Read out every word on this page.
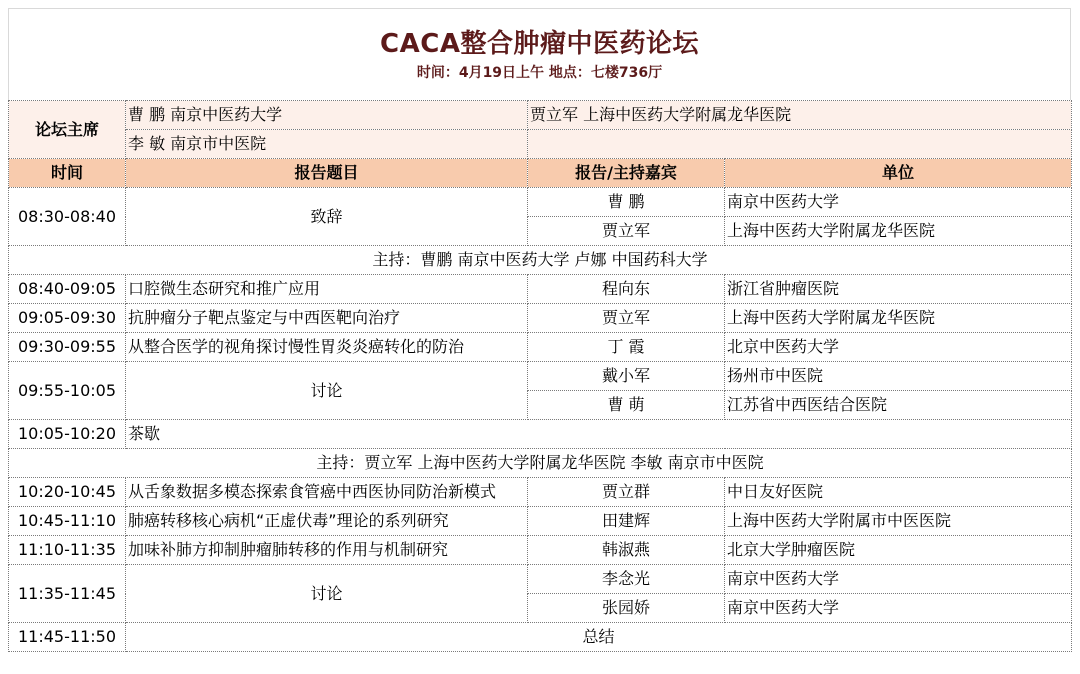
CACA整合肿瘤中医药论坛
时间：4月19日上午 地点：七楼736厅
论坛主席	曹 鹏 南京中医药大学	贾立军 上海中医药大学附属龙华医院	
	李 敏 南京市中医院		
时间	报告题目	报告/主持嘉宾	单位
08:30-08:40	致辞	曹 鹏	南京中医药大学
		贾立军	上海中医药大学附属龙华医院
主持：曹鹏 南京中医药大学 卢娜 中国药科大学			
08:40-09:05	口腔微生态研究和推广应用	程向东	浙江省肿瘤医院
09:05-09:30	抗肿瘤分子靶点鉴定与中西医靶向治疗	贾立军	上海中医药大学附属龙华医院
09:30-09:55	从整合医学的视角探讨慢性胃炎炎癌转化的防治	丁 霞	北京中医药大学
09:55-10:05	讨论	戴小军	扬州市中医院
		曹 萌	江苏省中西医结合医院
10:05-10:20	茶歇		
主持：贾立军 上海中医药大学附属龙华医院 李敏 南京市中医院			
10:20-10:45	从舌象数据多模态探索食管癌中西医协同防治新模式	贾立群	中日友好医院
10:45-11:10	肺癌转移核心病机“正虚伏毒”理论的系列研究	田建辉	上海中医药大学附属市中医医院
11:10-11:35	加味补肺方抑制肿瘤肺转移的作用与机制研究	韩淑燕	北京大学肿瘤医院
11:35-11:45	讨论	李念光	南京中医药大学
		张园娇	南京中医药大学
11:45-11:50	总结		
